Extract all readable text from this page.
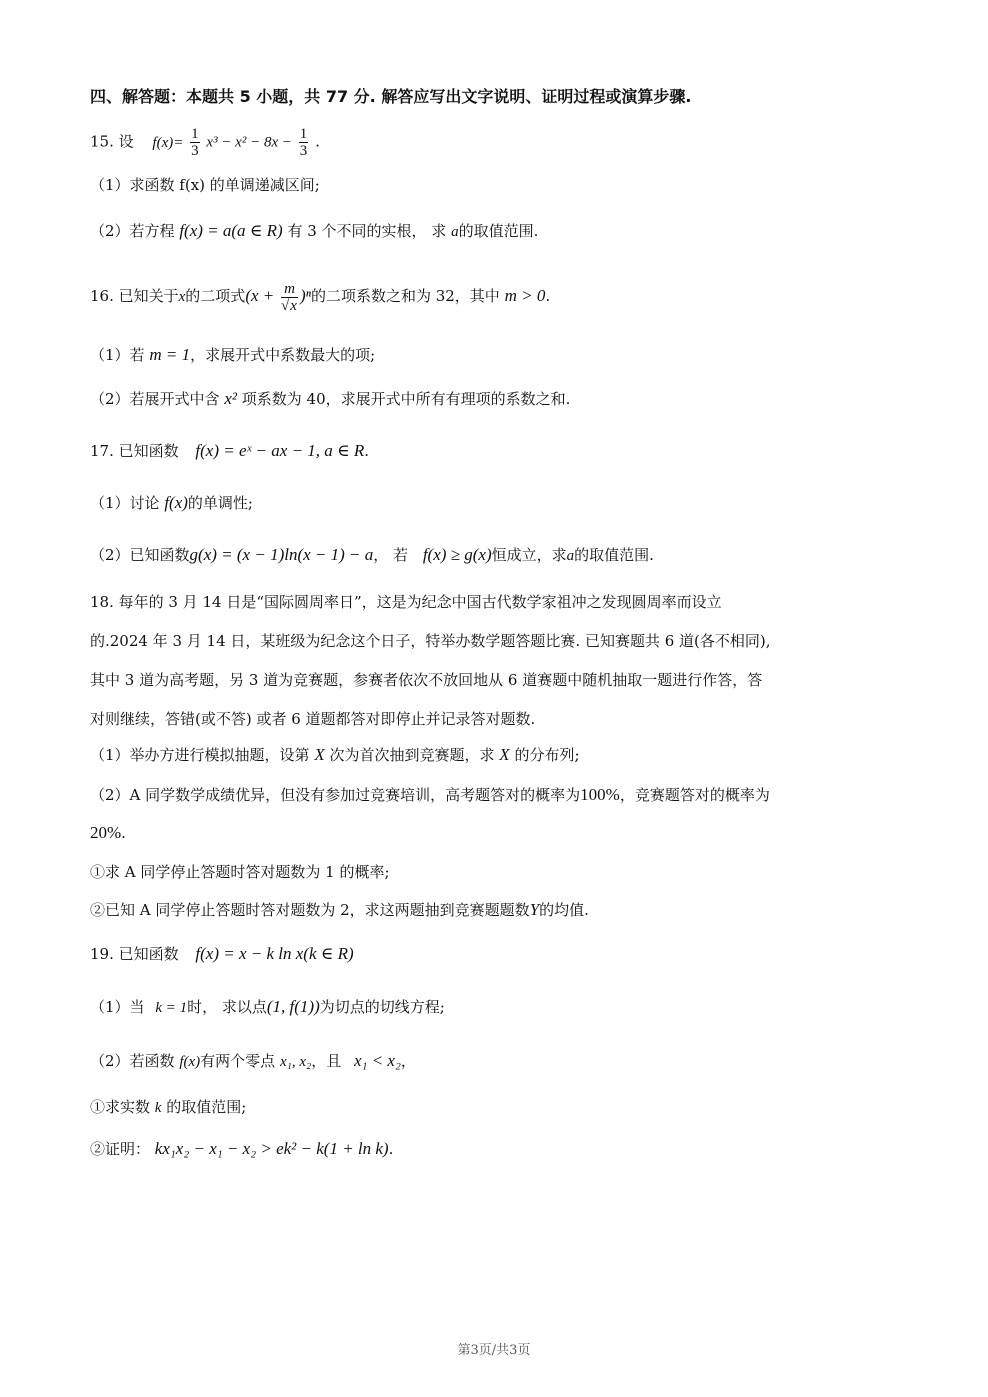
四、解答题：本题共 5 小题，共 77 分. 解答应写出文字说明、证明过程或演算步骤.
15. 设 $f(x)= \frac{1}{3} x^3 - x^2 - 8x - \frac{1}{3}$ .
（1）求函数 f(x) 的单调递减区间;
（2）若方程 f(x) = a(a ∈ R) 有 3 个不同的实根， 求 a的取值范围.
16. 已知关于x的二项式$(x + \frac{m}{√x} )^n$的二项系数之和为 32，其中 m > 0.
（1）若 m = 1，求展开式中系数最大的项;
（2）若展开式中含 x² 项系数为 40，求展开式中所有有理项的系数之和.
17. 已知函数 f(x) = eˣ − ax − 1, a ∈ R.
（1）讨论 f(x)的单调性;
（2）已知函数g(x) = (x − 1)ln(x − 1) − a， 若 f(x) ≥ g(x)恒成立，求a的取值范围.
18. 每年的 3 月 14 日是“国际圆周率日”，这是为纪念中国古代数学家祖冲之发现圆周率而设立
的.2024 年 3 月 14 日，某班级为纪念这个日子，特举办数学题答题比赛. 已知赛题共 6 道(各不相同),
其中 3 道为高考题，另 3 道为竞赛题，参赛者依次不放回地从 6 道赛题中随机抽取一题进行作答，答
对则继续，答错(或不答) 或者 6 道题都答对即停止并记录答对题数.
（1）举办方进行模拟抽题，设第 X 次为首次抽到竞赛题，求 X 的分布列;
（2）A 同学数学成绩优异，但没有参加过竞赛培训，高考题答对的概率为100%，竞赛题答对的概率为
20%.
①求 A 同学停止答题时答对题数为 1 的概率;
②已知 A 同学停止答题时答对题数为 2，求这两题抽到竞赛题题数Y的均值.
19. 已知函数 f(x) = x − k ln x(k ∈ R)
（1）当 k = 1时， 求以点(1, f(1))为切点的切线方程;
（2）若函数 f(x)有两个零点 x₁, x₂，且 x₁ < x₂，
①求实数 k 的取值范围;
②证明： kx₁x₂ − x₁ − x₂ > ek² − k(1 + ln k).
第3页/共3页
